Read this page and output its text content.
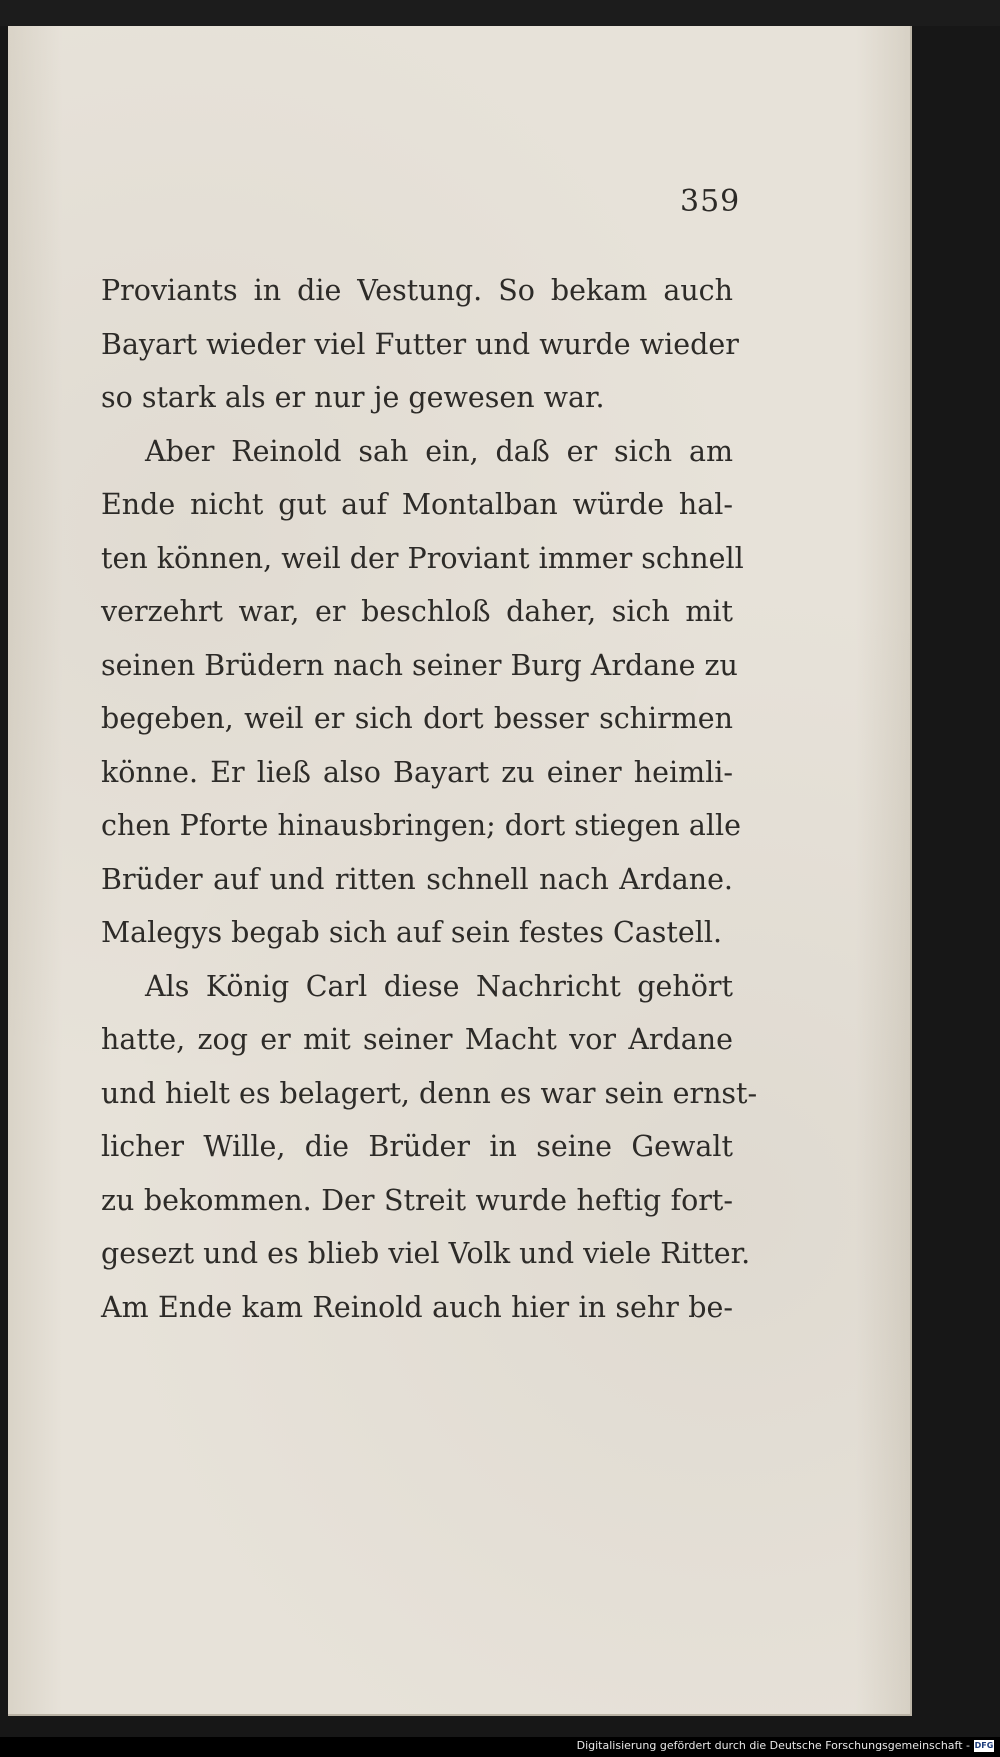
359
Proviants in die Vestung. So bekam auch
Bayart wieder viel Futter und wurde wieder
so stark als er nur je gewesen war.
Aber Reinold sah ein, daß er sich am
Ende nicht gut auf Montalban würde hal-
ten können, weil der Proviant immer schnell
verzehrt war, er beschloß daher, sich mit
seinen Brüdern nach seiner Burg Ardane zu
begeben, weil er sich dort besser schirmen
könne. Er ließ also Bayart zu einer heimli-
chen Pforte hinausbringen; dort stiegen alle
Brüder auf und ritten schnell nach Ardane.
Malegys begab sich auf sein festes Castell.
Als König Carl diese Nachricht gehört
hatte, zog er mit seiner Macht vor Ardane
und hielt es belagert, denn es war sein ernst-
licher Wille, die Brüder in seine Gewalt
zu bekommen. Der Streit wurde heftig fort-
gesezt und es blieb viel Volk und viele Ritter.
Am Ende kam Reinold auch hier in sehr be-
Digitalisierung gefördert durch die Deutsche Forschungsgemeinschaft - DFG
